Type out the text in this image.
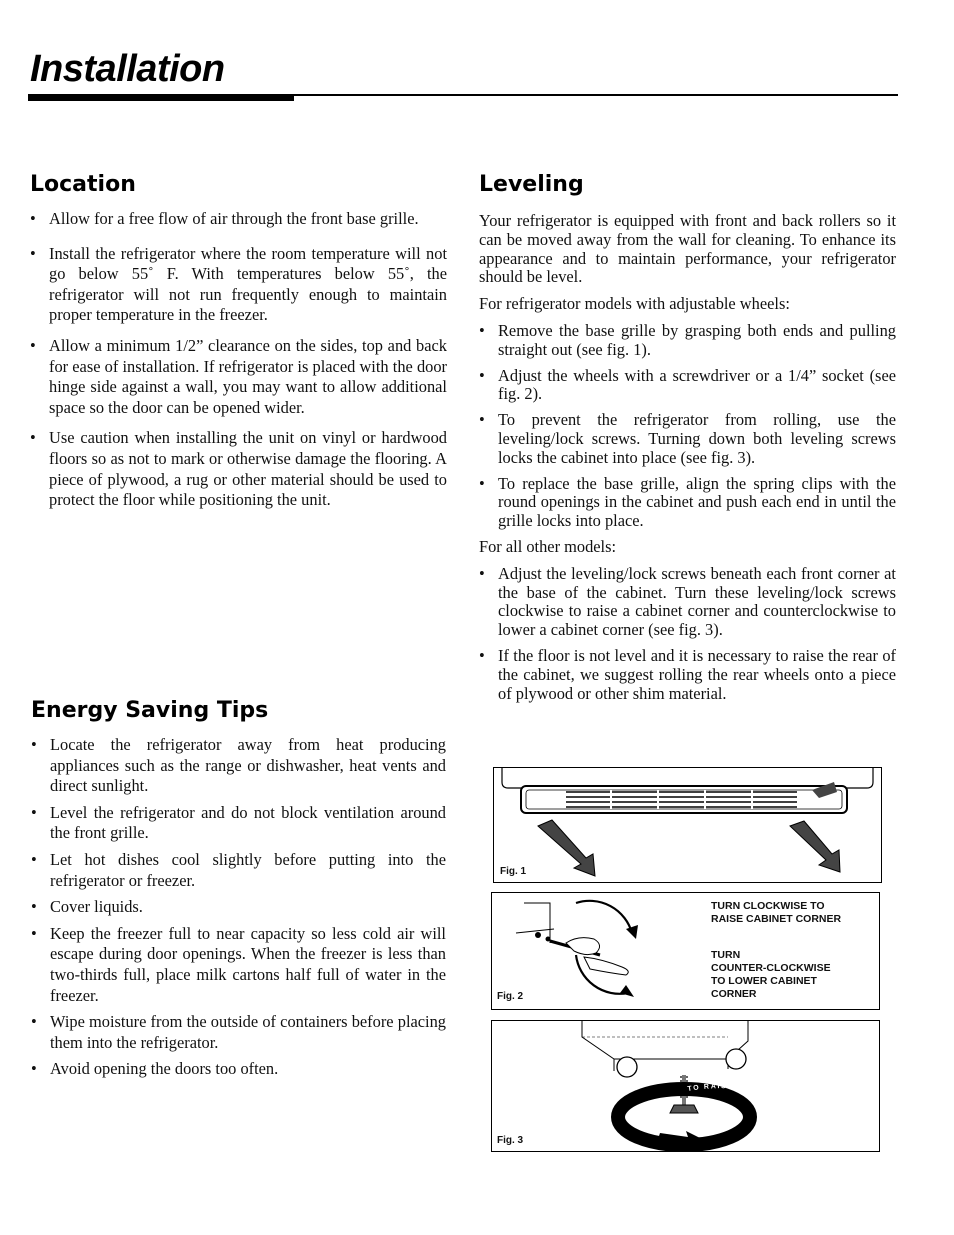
Installation
Location
• Allow for a free flow of air through the front base grille.
• Install the refrigerator where the room temperature will not go below 55˚ F. With temperatures below 55˚, the refrigerator will not run frequently enough to maintain proper temperature in the freezer.
• Allow a minimum 1/2” clearance on the sides, top and back for ease of installation. If refrigerator is placed with the door hinge side against a wall, you may want to allow additional space so the door can be opened wider.
• Use caution when installing the unit on vinyl or hardwood floors so as not to mark or otherwise damage the flooring. A piece of plywood, a rug or other material should be used to protect the floor while positioning the unit.
Energy Saving Tips
• Locate the refrigerator away from heat producing appliances such as the range or dishwasher, heat vents and direct sunlight.
• Level the refrigerator and do not block ventilation around the front grille.
• Let hot dishes cool slightly before putting into the refrigerator or freezer.
• Cover liquids.
• Keep the freezer full to near capacity so less cold air will escape during door openings. When the freezer is less than two-thirds full, place milk cartons half full of water in the freezer.
• Wipe moisture from the outside of containers before placing them into the refrigerator.
• Avoid opening the doors too often.
Leveling

Your refrigerator is equipped with front and back rollers so it can be moved away from the wall for cleaning. To enhance its appearance and to maintain performance, your refrigerator should be level.

For refrigerator models with adjustable wheels:

• Remove the base grille by grasping both ends and pulling straight out (see fig. 1).
• Adjust the wheels with a screwdriver or a 1/4” socket (see fig. 2).
• To prevent the refrigerator from rolling, use the leveling/lock screws. Turning down both leveling screws locks the cabinet into place (see fig. 3).
• To replace the base grille, align the spring clips with the round openings in the cabinet and push each end in until the grille locks into place.

For all other models:

• Adjust the leveling/lock screws beneath each front corner at the base of the cabinet. Turn these leveling/lock screws clockwise to raise a cabinet corner and counterclockwise to lower a cabinet corner (see fig. 3).
• If the floor is not level and it is necessary to raise the rear of the cabinet, we suggest rolling the rear wheels onto a piece of plywood or other shim material.
Fig. 1
TURN CLOCKWISE TO
RAISE CABINET CORNER
TURN
COUNTER-CLOCKWISE
TO LOWER CABINET
CORNER
Fig. 2
TO RAISE CABINET
TO LOWER CABINET
Fig. 3
